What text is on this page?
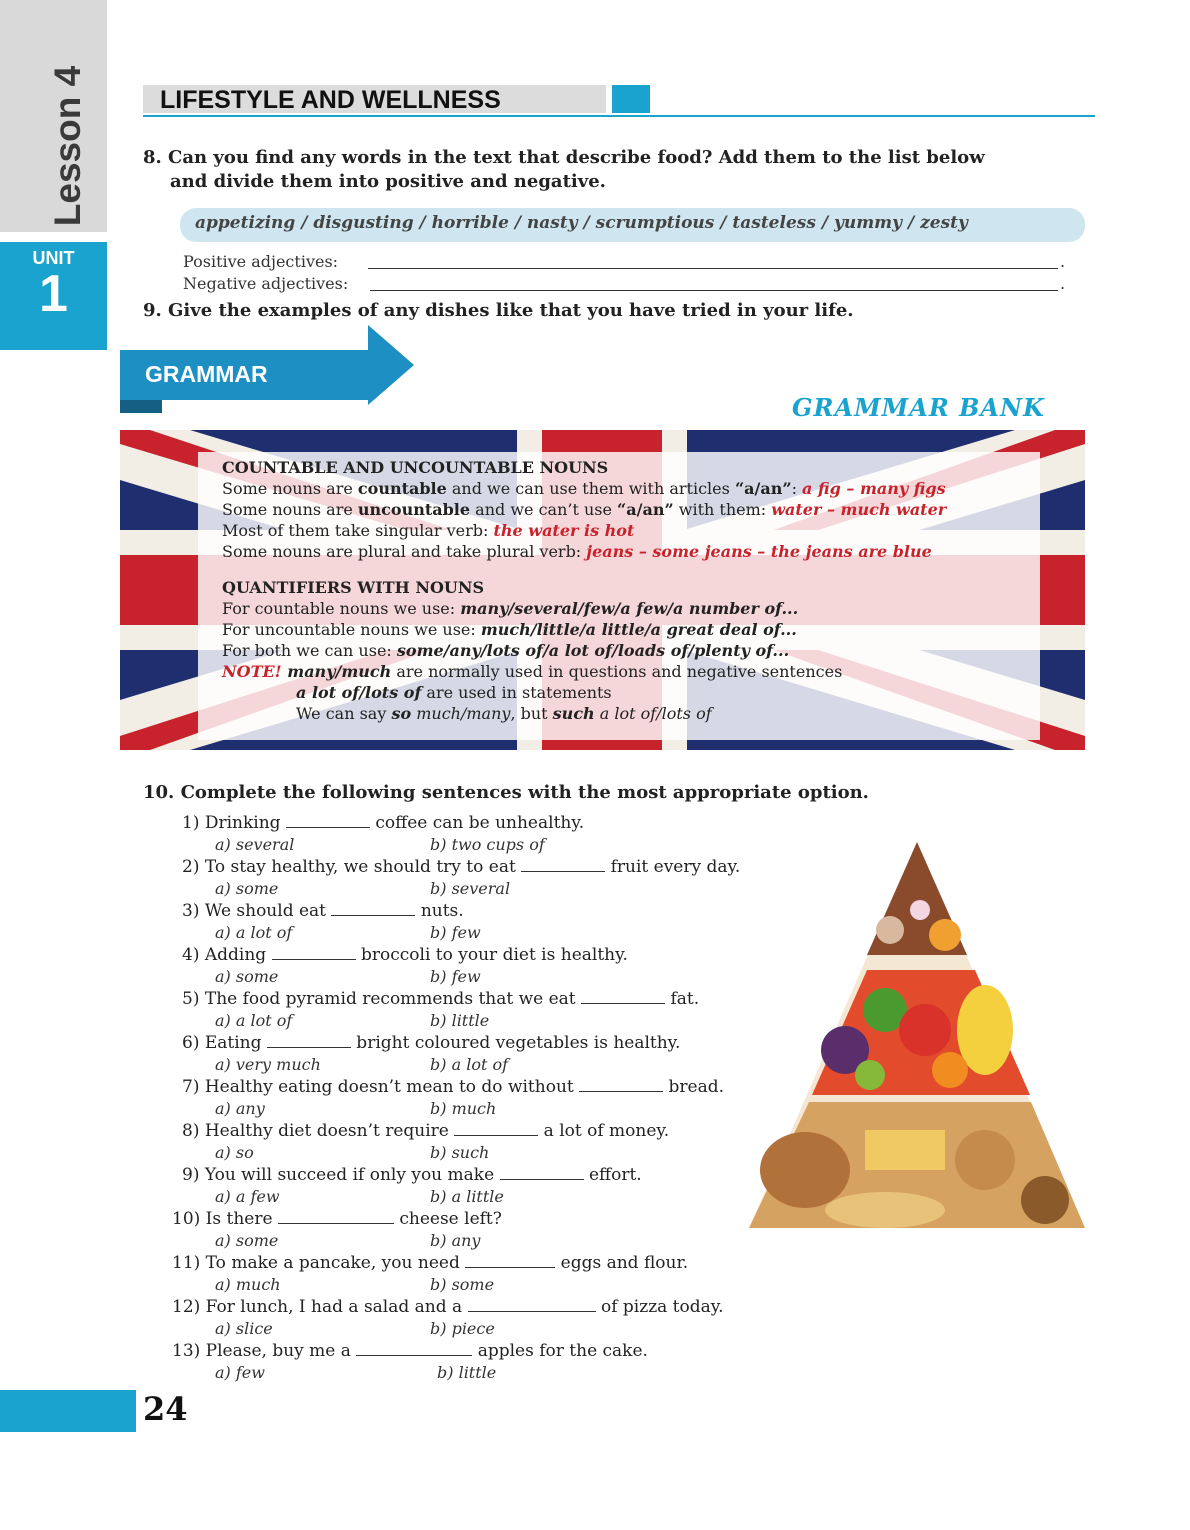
Lesson 4
UNIT
1
LIFESTYLE AND WELLNESS
8. Can you find any words in the text that describe food? Add them to the list below
and divide them into positive and negative.
appetizing / disgusting / horrible / nasty / scrumptious / tasteless / yummy / zesty
Positive adjectives:	.
Negative adjectives:	.
9. Give the examples of any dishes like that you have tried in your life.
GRAMMAR
GRAMMAR BANK
COUNTABLE AND UNCOUNTABLE NOUNS
Some nouns are countable and we can use them with articles “a/an”: a fig – many figs
Some nouns are uncountable and we can’t use “a/an” with them: water – much water
Most of them take singular verb: the water is hot
Some nouns are plural and take plural verb: jeans – some jeans – the jeans are blue
QUANTIFIERS WITH NOUNS
For countable nouns we use: many/several/few/a few/a number of...
For uncountable nouns we use: much/little/a little/a great deal of...
For both we can use: some/any/lots of/a lot of/loads of/plenty of...
NOTE! many/much are normally used in questions and negative sentences
a lot of/lots of are used in statements
We can say so much/many, but such a lot of/lots of
10. Complete the following sentences with the most appropriate option.
1) Drinking	coffee can be unhealthy.
a) several	b) two cups of
2) To stay healthy, we should try to eat	fruit every day.
a) some	b) several
3) We should eat	nuts.
a) a lot of	b) few
4) Adding	broccoli to your diet is healthy.
a) some	b) few
5) The food pyramid recommends that we eat	fat.
a) a lot of	b) little
6) Eating	bright coloured vegetables is healthy.
a) very much	b) a lot of
7) Healthy eating doesn’t mean to do without	bread.
a) any	b) much
8) Healthy diet doesn’t require	a lot of money.
a) so	b) such
9) You will succeed if only you make	effort.
a) a few	b) a little
10) Is there	cheese left?
a) some	b) any
11) To make a pancake, you need	eggs and flour.
a) much	b) some
12) For lunch, I had a salad and a	of pizza today.
a) slice	b) piece
13) Please, buy me a	apples for the cake.
a) few	b) little
24
